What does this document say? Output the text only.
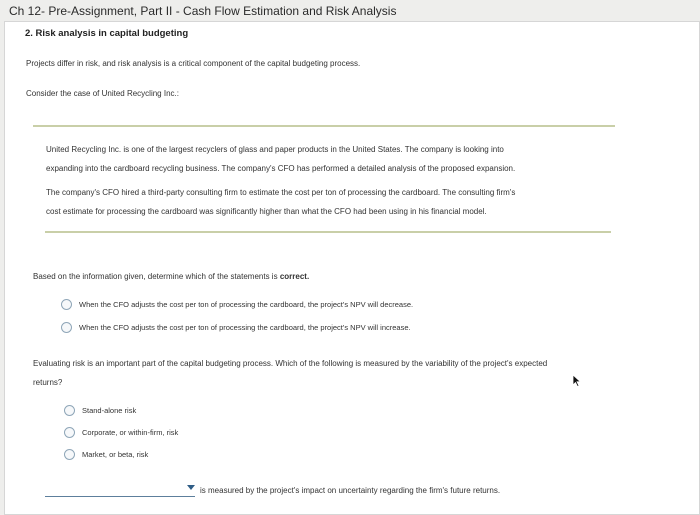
Ch 12- Pre-Assignment, Part II - Cash Flow Estimation and Risk Analysis
2. Risk analysis in capital budgeting
Projects differ in risk, and risk analysis is a critical component of the capital budgeting process.
Consider the case of United Recycling Inc.:
United Recycling Inc. is one of the largest recyclers of glass and paper products in the United States. The company is looking into
expanding into the cardboard recycling business. The company's CFO has performed a detailed analysis of the proposed expansion.
The company's CFO hired a third-party consulting firm to estimate the cost per ton of processing the cardboard. The consulting firm's
cost estimate for processing the cardboard was significantly higher than what the CFO had been using in his financial model.
Based on the information given, determine which of the statements is correct.
When the CFO adjusts the cost per ton of processing the cardboard, the project's NPV will decrease.
When the CFO adjusts the cost per ton of processing the cardboard, the project's NPV will increase.
Evaluating risk is an important part of the capital budgeting process. Which of the following is measured by the variability of the project's expected
returns?
Stand-alone risk
Corporate, or within-firm, risk
Market, or beta, risk
is measured by the project's impact on uncertainty regarding the firm's future returns.
